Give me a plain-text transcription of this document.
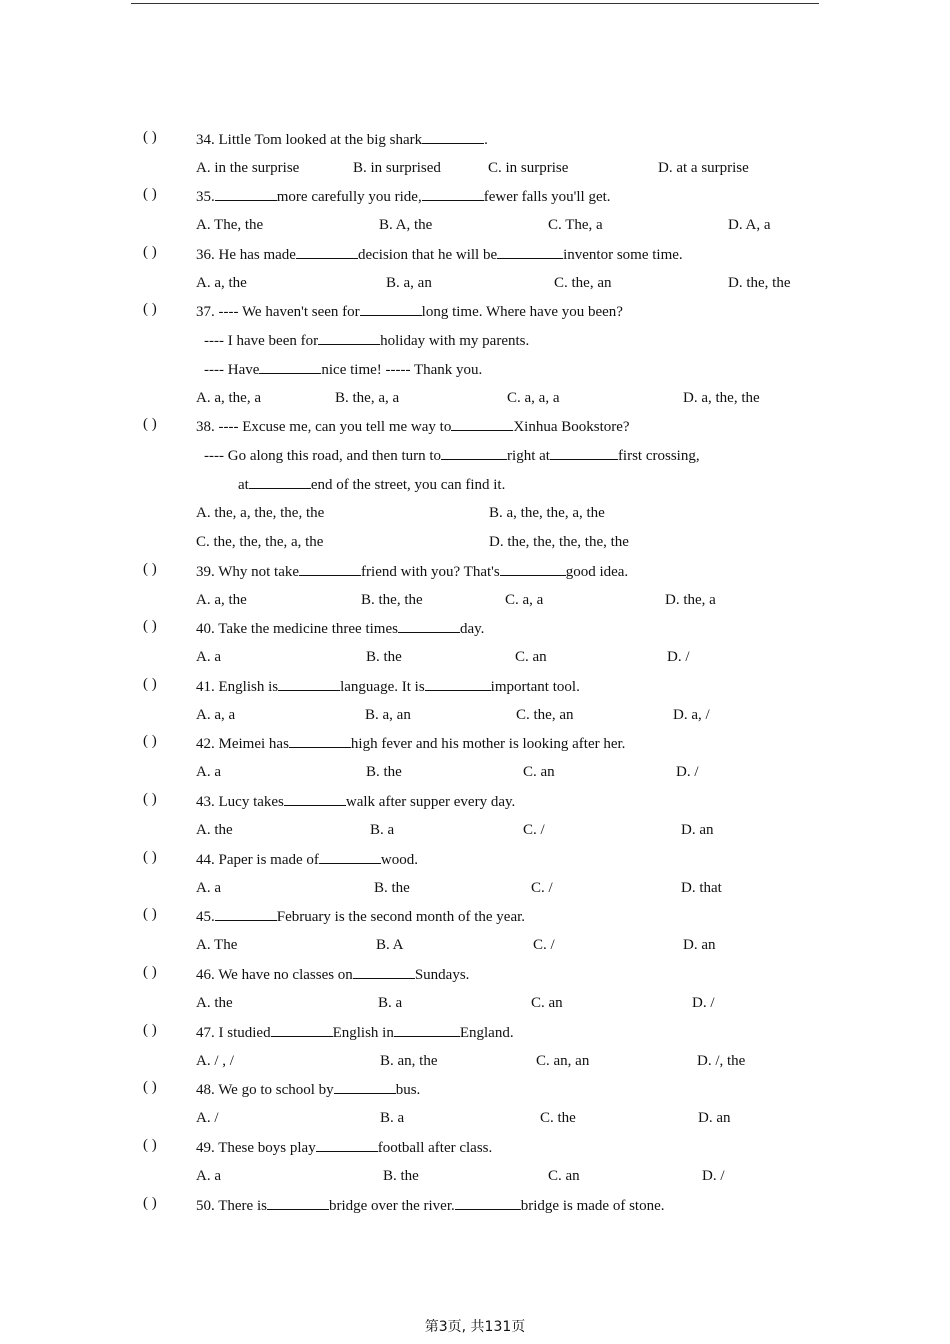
( )	34. Little Tom looked at the big shark	.
A. in the surprise	B. in surprised	C. in surprise	D. at a surprise
( )	35.	more carefully you ride,	fewer falls you'll get.
A. The, the	B. A, the	C. The, a	D. A, a
( )	36. He has made	decision that he will be	inventor some time.
A. a, the	B. a, an	C. the, an	D. the, the
( )	37. ---- We haven't seen for	long time. Where have you been?
---- I have been for	holiday with my parents.
---- Have	nice time! ----- Thank you.
A. a, the, a	B. the, a, a	C. a, a, a	D. a, the, the
( )	38. ---- Excuse me, can you tell me way to	Xinhua Bookstore?
---- Go along this road, and then turn to	right at	first crossing,
at	end of the street, you can find it.
A. the, a, the, the, the	B. a, the, the, a, the
C. the, the, the, a, the	D. the, the, the, the, the
( )	39. Why not take	friend with you? That's	good idea.
A. a, the	B. the, the	C. a, a	D. the, a
( )	40. Take the medicine three times	day.
A. a	B. the	C. an	D. /
( )	41. English is	language. It is	important tool.
A. a, a	B. a, an	C. the, an	D. a, /
( )	42. Meimei has	high fever and his mother is looking after her.
A. a	B. the	C. an	D. /
( )	43. Lucy takes	walk after supper every day.
A. the	B. a	C. /	D. an
( )	44. Paper is made of	wood.
A. a	B. the	C. /	D. that
( )	45.	February is the second month of the year.
A. The	B. A	C. /	D. an
( )	46. We have no classes on	Sundays.
A. the	B. a	C. an	D. /
( )	47. I studied	English in	England.
A. / , /	B. an, the	C. an, an	D. /, the
( )	48. We go to school by	bus.
A. /	B. a	C. the	D. an
( )	49. These boys play	football after class.
A. a	B. the	C. an	D. /
( )	50. There is	bridge over the river.	bridge is made of stone.
第3页, 共131页
